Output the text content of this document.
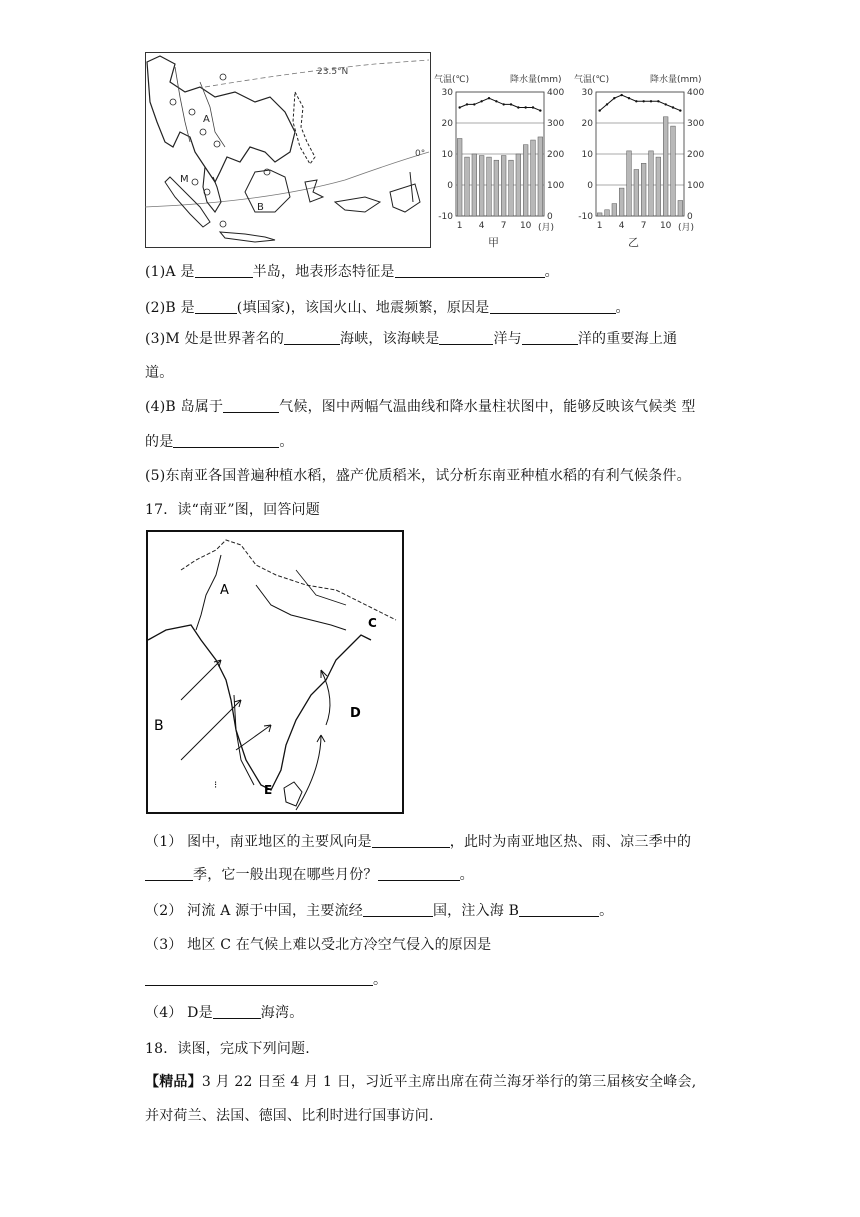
23.5°N
0°
A
B
M
气温(℃)	降水量(mm)
30
20
10
0
-10
400
300
200
100
0
1 4 7 10
甲
(月)
气温(℃)	降水量(mm)
30
20
10
0
-10
400
300
200
100
0
1 4 7 10
乙
(月)
(1)A 是	半岛，地表形态特征是	。
(2)B 是	(填国家)，该国火山、地震频繁，原因是	。
(3)M 处是世界著名的	海峡，该海峡是	洋与	洋的重要海上通
道。
(4)B 岛属于	气候，图中两幅气温曲线和降水量柱状图中，能够反映该气候类 型
的是	。
(5)东南亚各国普遍种植水稻，盛产优质稻米，试分析东南亚种植水稻的有利气候条件。
17．读“南亚”图，回答问题
⁝
A
B
C
D
E
（1） 图中，南亚地区的主要风向是	，此时为南亚地区热、雨、凉三季中的
季，它一般出现在哪些月份？	。
（2） 河流 A 源于中国，主要流经	国，注入海 B	。
（3） 地区 C 在气候上难以受北方冷空气侵入的原因是
。
（4） D是	海湾。
18．读图，完成下列问题.
【精品】3 月 22 日至 4 月 1 日，习近平主席出席在荷兰海牙举行的第三届核安全峰会,
并对荷兰、法国、德国、比利时进行国事访问.
